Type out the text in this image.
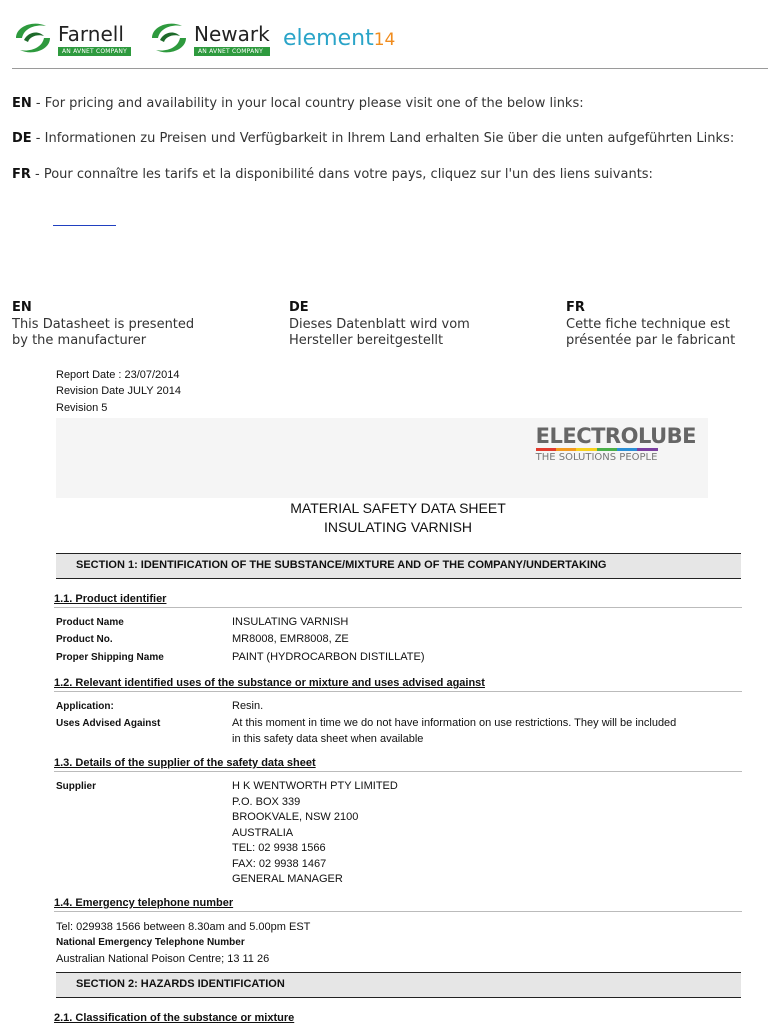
Farnell
AN AVNET COMPANY
Newark
AN AVNET COMPANY
element14
EN - For pricing and availability in your local country please visit one of the below links:
DE - Informationen zu Preisen und Verfügbarkeit in Ihrem Land erhalten Sie über die unten aufgeführten Links:
FR - Pour connaître les tarifs et la disponibilité dans votre pays, cliquez sur l'un des liens suivants:
EN
This Datasheet is presented by the manufacturer
DE
Dieses Datenblatt wird vom Hersteller bereitgestellt
FR
Cette fiche technique est présentée par le fabricant
Report Date : 23/07/2014
Revision Date JULY 2014
Revision 5
ELECTROLUBE
THE SOLUTIONS PEOPLE
MATERIAL SAFETY DATA SHEET
INSULATING VARNISH
SECTION 1: IDENTIFICATION OF THE SUBSTANCE/MIXTURE AND OF THE COMPANY/UNDERTAKING
1.1. Product identifier
Product Name	INSULATING VARNISH
Product No.	MR8008, EMR8008, ZE
Proper Shipping Name	PAINT (HYDROCARBON DISTILLATE)
1.2. Relevant identified uses of the substance or mixture and uses advised against
Application:	Resin.
Uses Advised Against	At this moment in time we do not have information on use restrictions. They will be included
in this safety data sheet when available
1.3. Details of the supplier of the safety data sheet
Supplier	H K WENTWORTH PTY LIMITED
P.O. BOX 339
BROOKVALE, NSW 2100
AUSTRALIA
TEL: 02 9938 1566
FAX: 02 9938 1467
GENERAL MANAGER
1.4. Emergency telephone number
Tel: 029938 1566 between 8.30am and 5.00pm EST
National Emergency Telephone Number
Australian National Poison Centre; 13 11 26
SECTION 2: HAZARDS IDENTIFICATION
2.1. Classification of the substance or mixture
